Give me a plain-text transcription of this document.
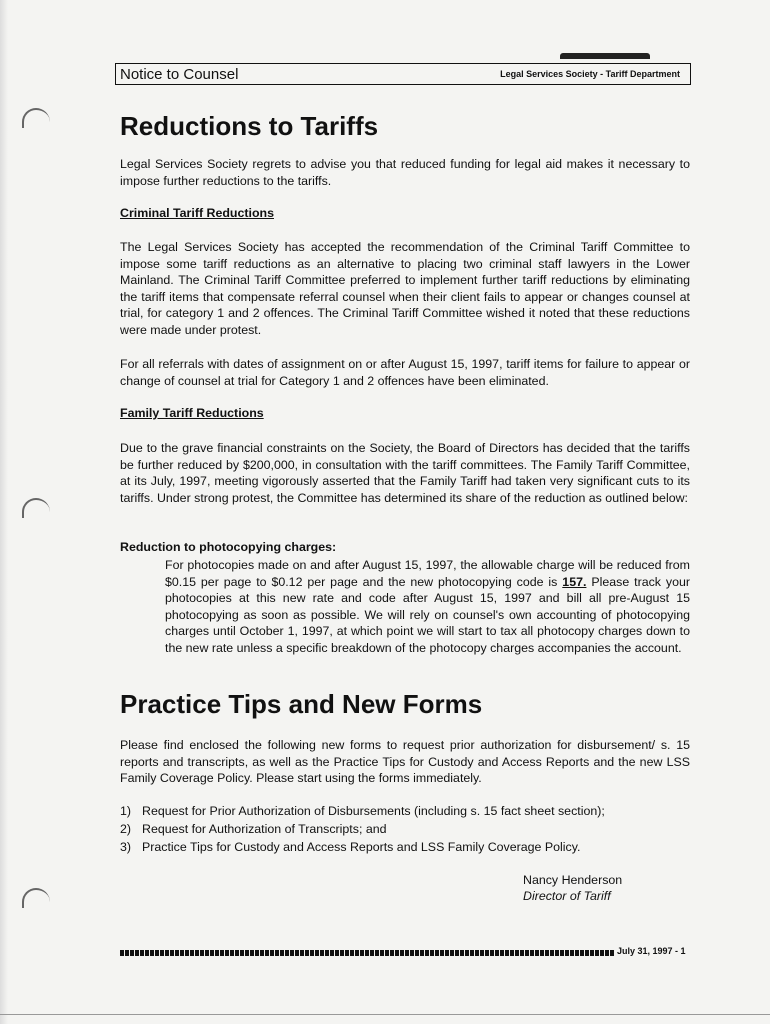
Notice to Counsel	Legal Services Society - Tariff Department
Reductions to Tariffs

Legal Services Society regrets to advise you that reduced funding for legal aid makes it necessary to impose further reductions to the tariffs.

Criminal Tariff Reductions

The Legal Services Society has accepted the recommendation of the Criminal Tariff Committee to impose some tariff reductions as an alternative to placing two criminal staff lawyers in the Lower Mainland. The Criminal Tariff Committee preferred to implement further tariff reductions by eliminating the tariff items that compensate referral counsel when their client fails to appear or changes counsel at trial, for category 1 and 2 offences. The Criminal Tariff Committee wished it noted that these reductions were made under protest.

For all referrals with dates of assignment on or after August 15, 1997, tariff items for failure to appear or change of counsel at trial for Category 1 and 2 offences have been eliminated.

Family Tariff Reductions

Due to the grave financial constraints on the Society, the Board of Directors has decided that the tariffs be further reduced by $200,000, in consultation with the tariff committees. The Family Tariff Committee, at its July, 1997, meeting vigorously asserted that the Family Tariff had taken very significant cuts to its tariffs. Under strong protest, the Committee has determined its share of the reduction as outlined below:

Reduction to photocopying charges:

For photocopies made on and after August 15, 1997, the allowable charge will be reduced from $0.15 per page to $0.12 per page and the new photocopying code is 157. Please track your photocopies at this new rate and code after August 15, 1997 and bill all pre-August 15 photocopying as soon as possible. We will rely on counsel's own accounting of photocopying charges until October 1, 1997, at which point we will start to tax all photocopy charges down to the new rate unless a specific breakdown of the photocopy charges accompanies the account.

Practice Tips and New Forms

Please find enclosed the following new forms to request prior authorization for disbursement/ s. 15 reports and transcripts, as well as the Practice Tips for Custody and Access Reports and the new LSS Family Coverage Policy. Please start using the forms immediately.

1) Request for Prior Authorization of Disbursements (including s. 15 fact sheet section);
2) Request for Authorization of Transcripts; and
3) Practice Tips for Custody and Access Reports and LSS Family Coverage Policy.
Nancy Henderson
Director of Tariff
July 31, 1997 - 1
